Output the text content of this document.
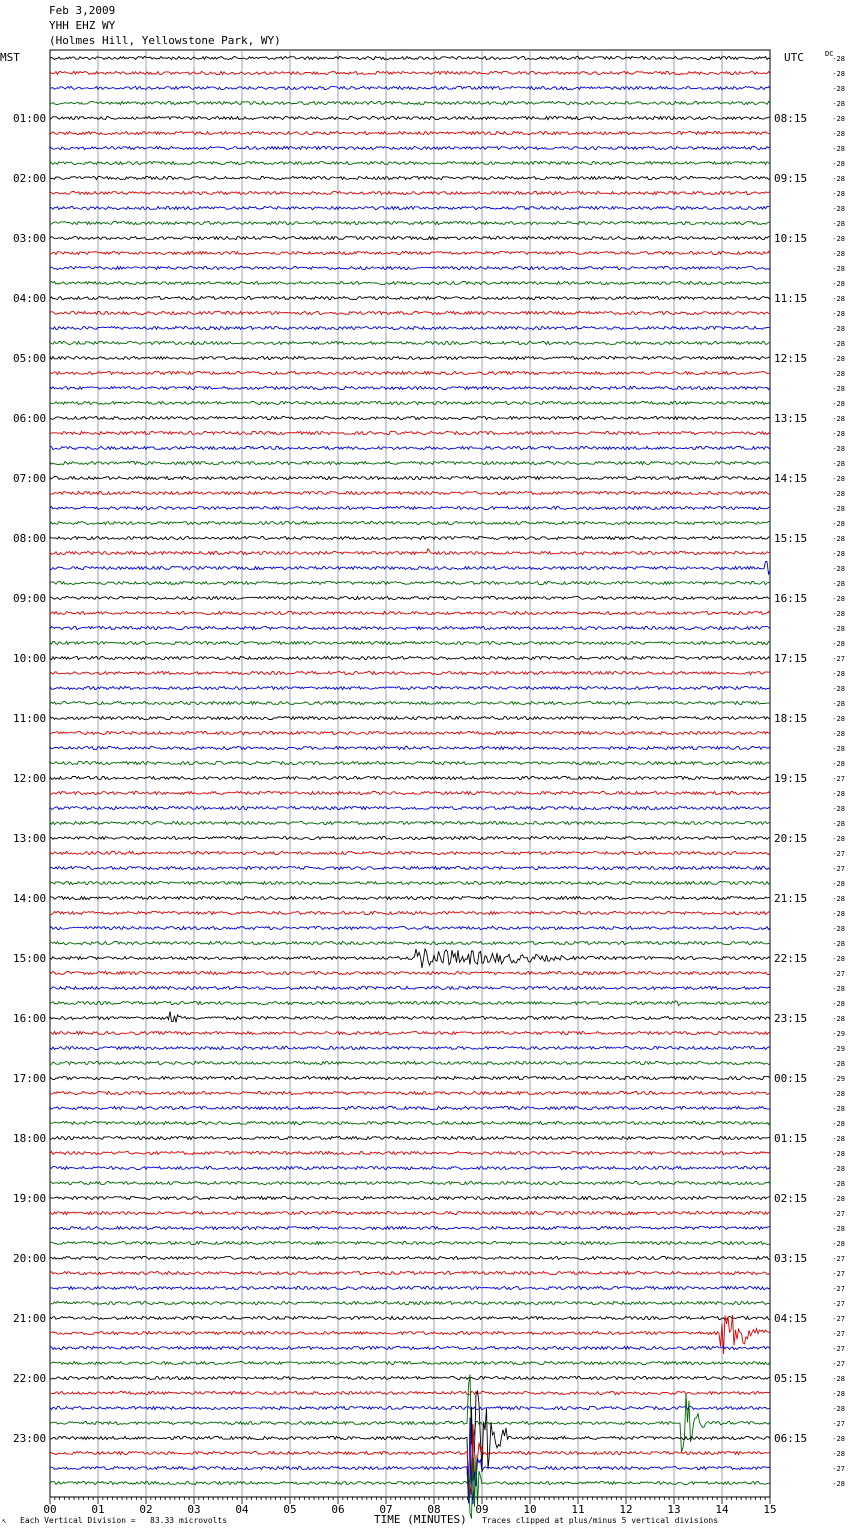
Feb 3,2009
YHH EHZ WY
(Holmes Hill, Yellowstone Park, WY)
-28
-28
-28
-28
-28
-28
-28
-28
-28
-28
-28
-28
-28
-28
-28
-28
-28
-28
-28
-28
-28
-28
-28
-28
-28
-28
-28
-28
-28
-28
-28
-28
-28
-28
-28
-28
-28
-28
-28
-28
-27
-28
-28
-28
-28
-28
-28
-28
-27
-28
-28
-28
-28
-27
-27
-28
-28
-28
-28
-28
-28
-27
-28
-28
-28
-29
-29
-28
-29
-28
-28
-28
-28
-28
-28
-28
-28
-27
-28
-28
-27
-27
-27
-27
-27
-27
-27
-27
-28
-28
-28
-27
-28
-28
-27
-28
01:00	08:15
02:00	09:15
03:00	10:15
04:00	11:15
05:00	12:15
06:00	13:15
07:00	14:15
08:00	15:15
09:00	16:15
10:00	17:15
11:00	18:15
12:00	19:15
13:00	20:15
14:00	21:15
15:00	22:15
16:00	23:15
17:00	00:15
18:00	01:15
19:00	02:15
20:00	03:15
21:00	04:15
22:00	05:15
23:00	06:15
MST	UTC	DC
00	01	02	03	04	05	06	07	08	09	10	11	12	13	14	15
↖ Each Vertical Division =   83.33 microvolts	TIME (MINUTES) Traces clipped at plus/minus 5 vertical divisions
